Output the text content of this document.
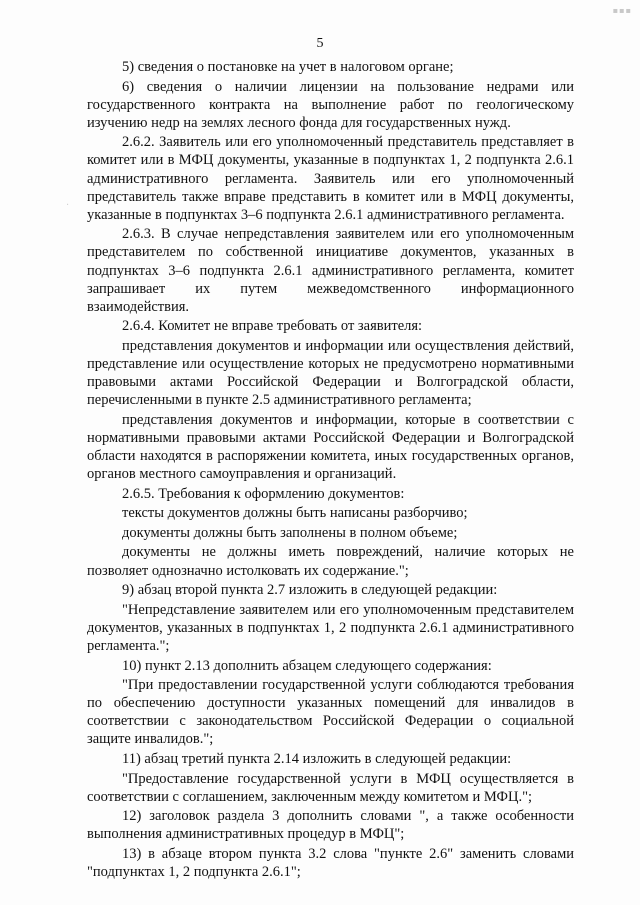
▪▪▪
·
5

5) сведения о постановке на учет в налоговом органе;

6) сведения о наличии лицензии на пользование недрами или государственного контракта на выполнение работ по геологическому изучению недр на землях лесного фонда для государственных нужд.

2.6.2. Заявитель или его уполномоченный представитель представляет в комитет или в МФЦ документы, указанные в подпунктах 1, 2 подпункта 2.6.1 административного регламента. Заявитель или его уполномоченный представитель также вправе представить в комитет или в МФЦ документы, указанные в подпунктах 3–6 подпункта 2.6.1 административного регламента.

2.6.3. В случае непредставления заявителем или его уполномоченным представителем по собственной инициативе документов, указанных в подпунктах 3–6 подпункта 2.6.1 административного регламента, комитет запрашивает их путем межведомственного информационного взаимодействия.

2.6.4. Комитет не вправе требовать от заявителя:

представления документов и информации или осуществления действий, представление или осуществление которых не предусмотрено нормативными правовыми актами Российской Федерации и Волгоградской области, перечисленными в пункте 2.5 административного регламента;

представления документов и информации, которые в соответствии с нормативными правовыми актами Российской Федерации и Волгоградской области находятся в распоряжении комитета, иных государственных органов, органов местного самоуправления и организаций.

2.6.5. Требования к оформлению документов:

тексты документов должны быть написаны разборчиво;

документы должны быть заполнены в полном объеме;

документы не должны иметь повреждений, наличие которых не позволяет однозначно истолковать их содержание.";

9) абзац второй пункта 2.7 изложить в следующей редакции:

"Непредставление заявителем или его уполномоченным представителем документов, указанных в подпунктах 1, 2 подпункта 2.6.1 административного регламента.";

10) пункт 2.13 дополнить абзацем следующего содержания:

"При предоставлении государственной услуги соблюдаются требования по обеспечению доступности указанных помещений для инвалидов в соответствии с законодательством Российской Федерации о социальной защите инвалидов.";

11) абзац третий пункта 2.14 изложить в следующей редакции:

"Предоставление государственной услуги в МФЦ осуществляется в соответствии с соглашением, заключенным между комитетом и МФЦ.";

12) заголовок раздела 3 дополнить словами ", а также особенности выполнения административных процедур в МФЦ";

13) в абзаце втором пункта 3.2 слова "пункте 2.6" заменить словами "подпунктах 1, 2 подпункта 2.6.1";
